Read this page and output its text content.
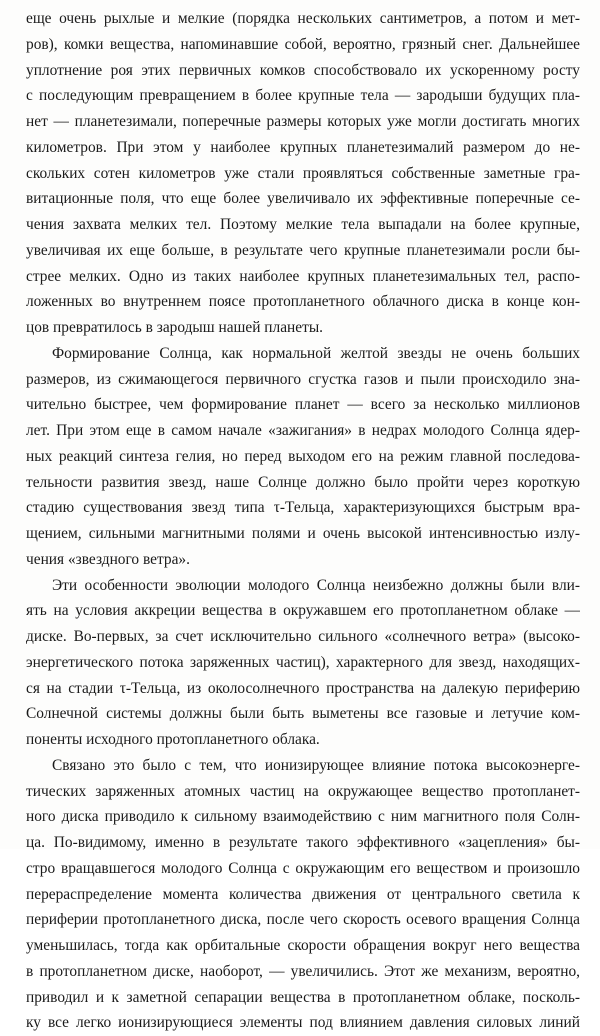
еще очень рыхлые и мелкие (порядка нескольких сантиметров, а потом и мет-
ров), комки вещества, напоминавшие собой, вероятно, грязный снег. Дальнейшее
уплотнение роя этих первичных комков способствовало их ускоренному росту
с последующим превращением в более крупные тела — зародыши будущих пла-
нет — планетезимали, поперечные размеры которых уже могли достигать многих
километров. При этом у наиболее крупных планетезималий размером до не-
скольких сотен километров уже стали проявляться собственные заметные гра-
витационные поля, что еще более увеличивало их эффективные поперечные се-
чения захвата мелких тел. Поэтому мелкие тела выпадали на более крупные,
увеличивая их еще больше, в результате чего крупные планетезимали росли бы-
стрее мелких. Одно из таких наиболее крупных планетезимальных тел, распо-
ложенных во внутреннем поясе протопланетного облачного диска в конце кон-
цов превратилось в зародыш нашей планеты.
Формирование Солнца, как нормальной желтой звезды не очень больших
размеров, из сжимающегося первичного сгустка газов и пыли происходило зна-
чительно быстрее, чем формирование планет — всего за несколько миллионов
лет. При этом еще в самом начале «зажигания» в недрах молодого Солнца ядер-
ных реакций синтеза гелия, но перед выходом его на режим главной последова-
тельности развития звезд, наше Солнце должно было пройти через короткую
стадию существования звезд типа τ-Тельца, характеризующихся быстрым вра-
щением, сильными магнитными полями и очень высокой интенсивностью излу-
чения «звездного ветра».
Эти особенности эволюции молодого Солнца неизбежно должны были вли-
ять на условия аккреции вещества в окружавшем его протопланетном облаке —
диске. Во-первых, за счет исключительно сильного «солнечного ветра» (высоко-
энергетического потока заряженных частиц), характерного для звезд, находящих-
ся на стадии τ-Тельца, из околосолнечного пространства на далекую периферию
Солнечной системы должны были быть выметены все газовые и летучие ком-
поненты исходного протопланетного облака.
Связано это было с тем, что ионизирующее влияние потока высокоэнерге-
тических заряженных атомных частиц на окружающее вещество протопланет-
ного диска приводило к сильному взаимодействию с ним магнитного поля Солн-
ца. По-видимому, именно в результате такого эффективного «зацепления» бы-
стро вращавшегося молодого Солнца с окружающим его веществом и произошло
перераспределение момента количества движения от центрального светила к
периферии протопланетного диска, после чего скорость осевого вращения Солнца
уменьшилась, тогда как орбитальные скорости обращения вокруг него вещества
в протопланетном диске, наоборот, — увеличились. Этот же механизм, вероятно,
приводил и к заметной сепарации вещества в протопланетном облаке, посколь-
ку все легко ионизирующиеся элементы под влиянием давления силовых линий
